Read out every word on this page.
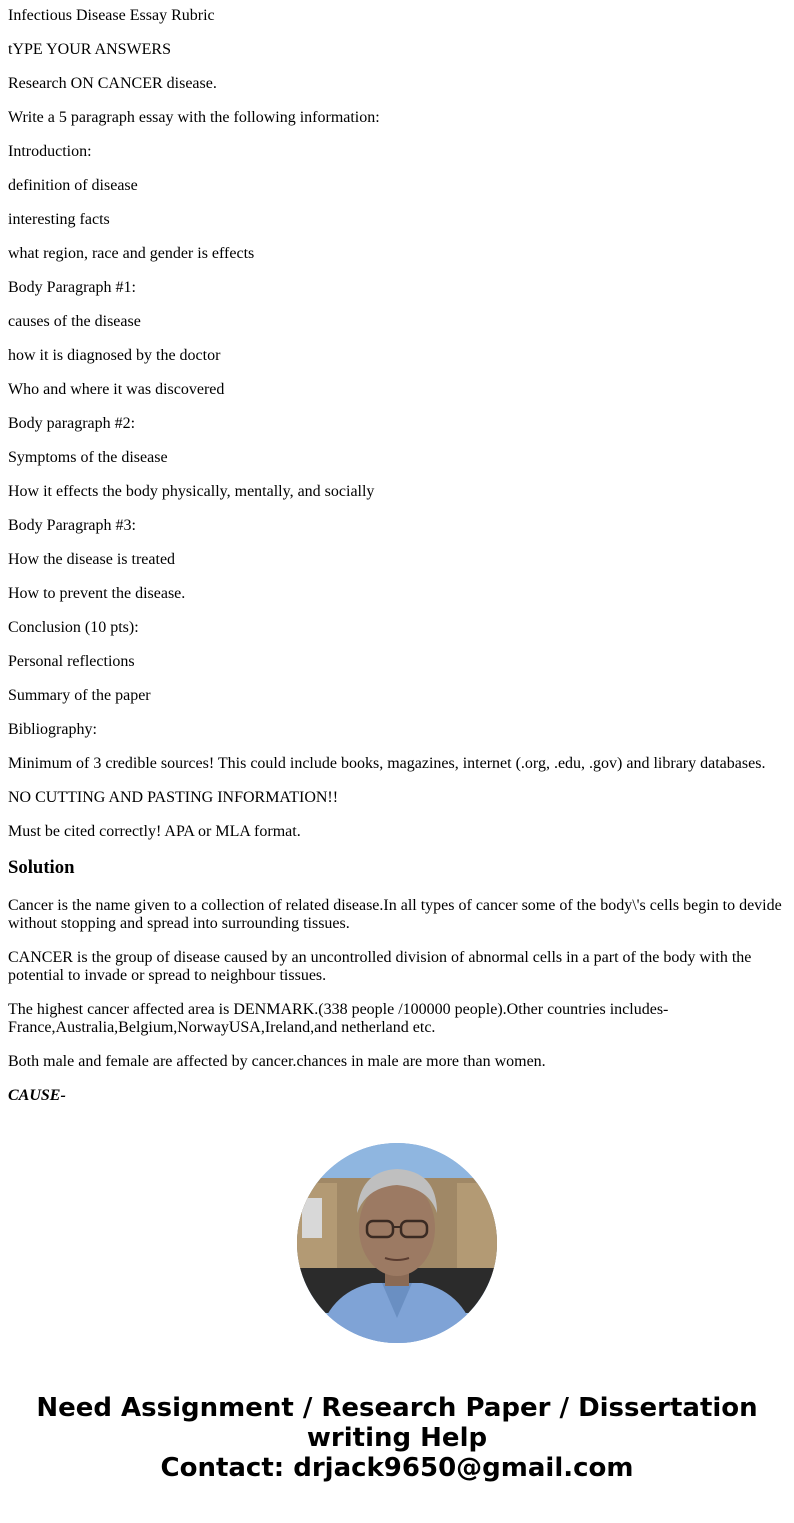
Infectious Disease Essay Rubric

tYPE YOUR ANSWERS

Research ON CANCER disease.

Write a 5 paragraph essay with the following information:

Introduction:

definition of disease

interesting facts

what region, race and gender is effects

Body Paragraph #1:

causes of the disease

how it is diagnosed by the doctor

Who and where it was discovered

Body paragraph #2:

Symptoms of the disease

How it effects the body physically, mentally, and socially

Body Paragraph #3:

How the disease is treated

How to prevent the disease.

Conclusion (10 pts):

Personal reflections

Summary of the paper

Bibliography:

Minimum of 3 credible sources! This could include books, magazines, internet (.org, .edu, .gov) and library databases.

NO CUTTING AND PASTING INFORMATION!!

Must be cited correctly! APA or MLA format.

Solution

Cancer is the name given to a collection of related disease.In all types of cancer some of the body\'s cells begin to devide without stopping and spread into surrounding tissues.

CANCER is the group of disease caused by an uncontrolled division of abnormal cells in a part of the body with the potential to invade or spread to neighbour tissues.

The highest cancer affected area is DENMARK.(338 people /100000 people).Other countries includes-France,Australia,Belgium,NorwayUSA,Ireland,and netherland etc.

Both male and female are affected by cancer.chances in male are more than women.

CAUSE-

Need Assignment / Research Paper / Dissertation
writing Help
Contact: drjack9650@gmail.com
